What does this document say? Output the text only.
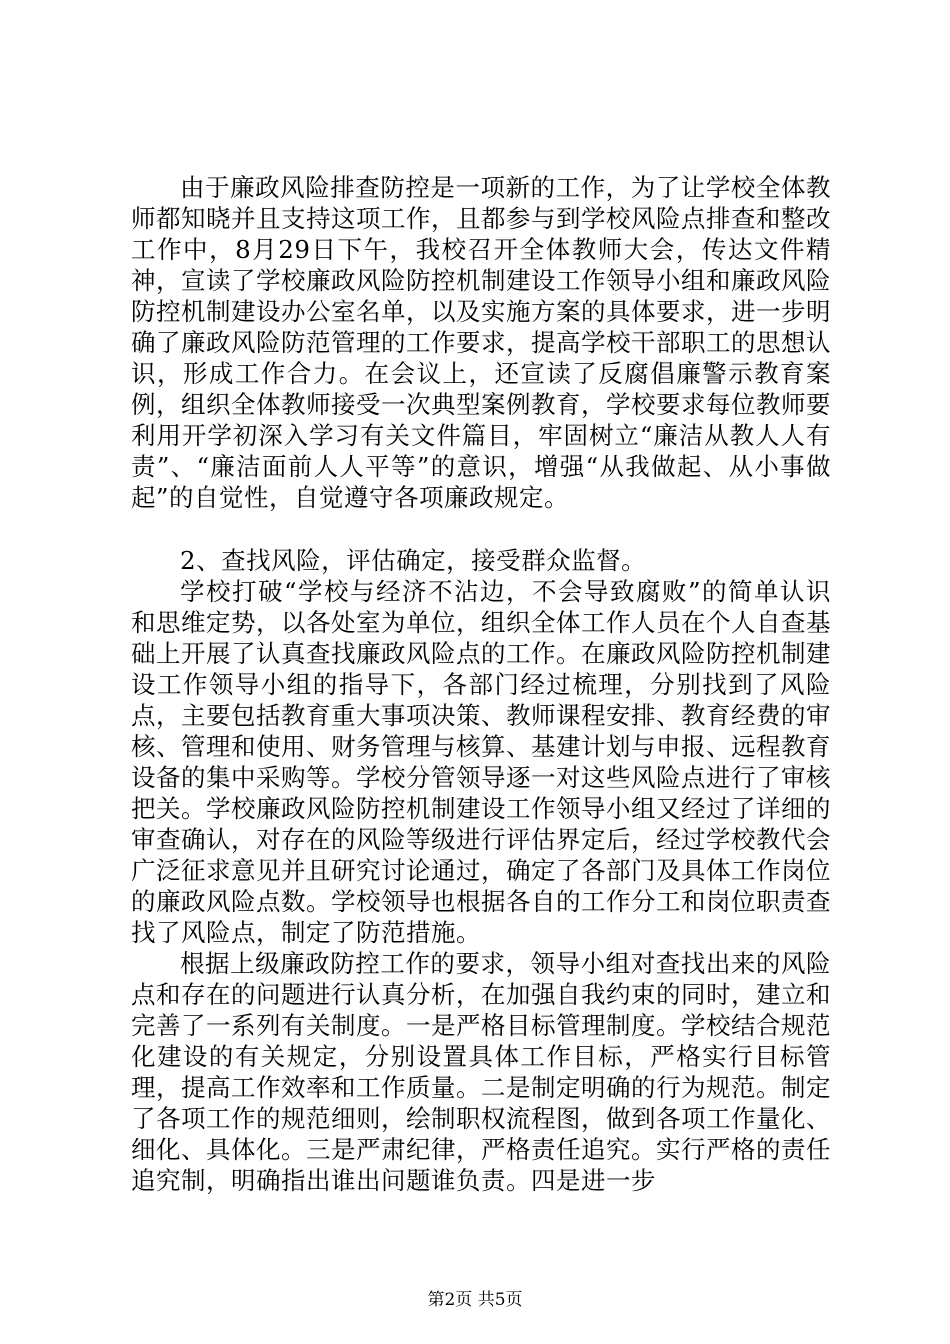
由于廉政风险排查防控是一项新的工作，为了让学校全体教师都知晓并且支持这项工作，且都参与到学校风险点排查和整改工作中，8月29日下午，我校召开全体教师大会，传达文件精神，宣读了学校廉政风险防控机制建设工作领导小组和廉政风险防控机制建设办公室名单，以及实施方案的具体要求，进一步明确了廉政风险防范管理的工作要求，提高学校干部职工的思想认识，形成工作合力。在会议上，还宣读了反腐倡廉警示教育案例，组织全体教师接受一次典型案例教育，学校要求每位教师要利用开学初深入学习有关文件篇目，牢固树立“廉洁从教人人有责”、“廉洁面前人人平等”的意识，增强“从我做起、从小事做起”的自觉性，自觉遵守各项廉政规定。

2、查找风险，评估确定，接受群众监督。

学校打破“学校与经济不沾边，不会导致腐败”的简单认识和思维定势，以各处室为单位，组织全体工作人员在个人自查基础上开展了认真查找廉政风险点的工作。在廉政风险防控机制建设工作领导小组的指导下，各部门经过梳理，分别找到了风险点，主要包括教育重大事项决策、教师课程安排、教育经费的审核、管理和使用、财务管理与核算、基建计划与申报、远程教育设备的集中采购等。学校分管领导逐一对这些风险点进行了审核把关。学校廉政风险防控机制建设工作领导小组又经过了详细的审查确认，对存在的风险等级进行评估界定后，经过学校教代会广泛征求意见并且研究讨论通过，确定了各部门及具体工作岗位的廉政风险点数。学校领导也根据各自的工作分工和岗位职责查找了风险点，制定了防范措施。

根据上级廉政防控工作的要求，领导小组对查找出来的风险点和存在的问题进行认真分析，在加强自我约束的同时，建立和完善了一系列有关制度。一是严格目标管理制度。学校结合规范化建设的有关规定，分别设置具体工作目标，严格实行目标管理，提高工作效率和工作质量。二是制定明确的行为规范。制定了各项工作的规范细则，绘制职权流程图，做到各项工作量化、细化、具体化。三是严肃纪律，严格责任追究。实行严格的责任追究制，明确指出谁出问题谁负责。四是进一步

第2页 共5页
